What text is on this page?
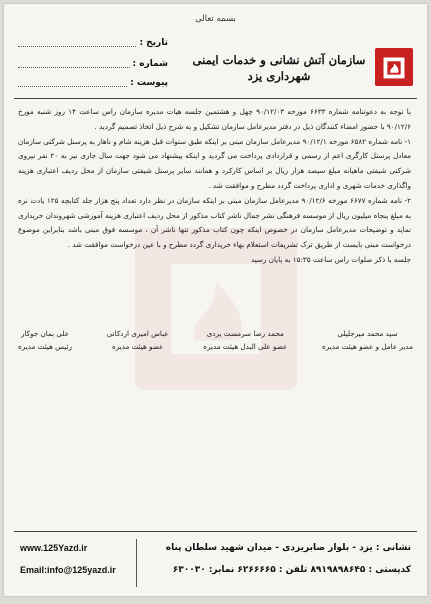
بسمه تعالی
تاریخ :
شماره :
پیوست :
سازمان آتش نشانی و خدمات ایمنی
شهرداری یزد

با توجه به دعوتنامه شماره ۶۶۳۳ مورخه ۹۰/۱۲/۰۳ چهل و هشتمین جلسه هیات مدیره سازمان راس ساعت ۱۴ روز شنبه مورخ ۹۰/۱۲/۶ با حضور امضاء کنندگان ذیل در دفتر مدیرعامل سازمان تشکیل و به شرح ذیل اتخاذ تصمیم گردید .

۱- نامه شماره ۶۵۸۲ مورخه ۹۰/۱۲/۱ مدیرعامل سازمان مبنی بر اینکه طبق سنوات قبل هزینه شام و ناهار به پرسنل شرکتی سازمان معادل پرسنل کارگری اعم از رسمی و قراردادی پرداخت می گردید و اینکه پیشنهاد می شود جهت سال جاری نیز به ۲۰ نفر نیروی شرکتی شیفتی ماهیانه مبلغ سیصد هزار ریال بر اساس کارکرد و همانند سایر پرسنل شیفتی سازمان از محل ردیف اعتباری هزینه واگذاری خدمات شهری و اداری پرداخت گردد مطرح و موافقت شد .

۲- نامه شماره ۶۶۷۷ مورخه ۹۰/۱۲/۶ مدیرعامل سازمان مبنی بر اینکه سازمان در نظر دارد تعداد پنج هزار جلد کتابچه ۱۲۵ یادت نره به مبلغ پنجاه میلیون ریال از موسسه فرهنگی نشر جمال ناشر کتاب مذکور از محل ردیف اعتباری هزینه آموزشی شهروندان خریداری نماید و توضیحات مدیرعامل سازمان در خصوص اینکه چون کتاب مذکور تنها ناشر آن ، موسسه فوق مبنی باشد بنابراین موضوع درخواست مبنی بایست از طریق ترک تشریفات استعلام بهاء خریداری گردد مطرح و با عین درخواست موافقت شد .

جلسه با ذکر صلوات راس ساعت ۱۵:۳۵ به پایان رسید

علی بمان جوکار
رئیس هیئت مدیره
عباس امیری اردکانی
عضو هیئت مدیره
محمد رضا سرمست یزدی
عضو علی البدل هیئت مدیره
سید محمد میرجلیلی
مدیر عامل و عضو هیئت مدیره
نشانی : یزد - بلوار صابریزدی - میدان شهید سلطان پناه
کدپستی : ۸۹۱۹۸۹۸۶۴۵ تلفن : ۶۲۶۶۶۶۵ نمابر: ۶۳۰۰۳۰
www.125Yazd.ir
Email:info@125yazd.ir
